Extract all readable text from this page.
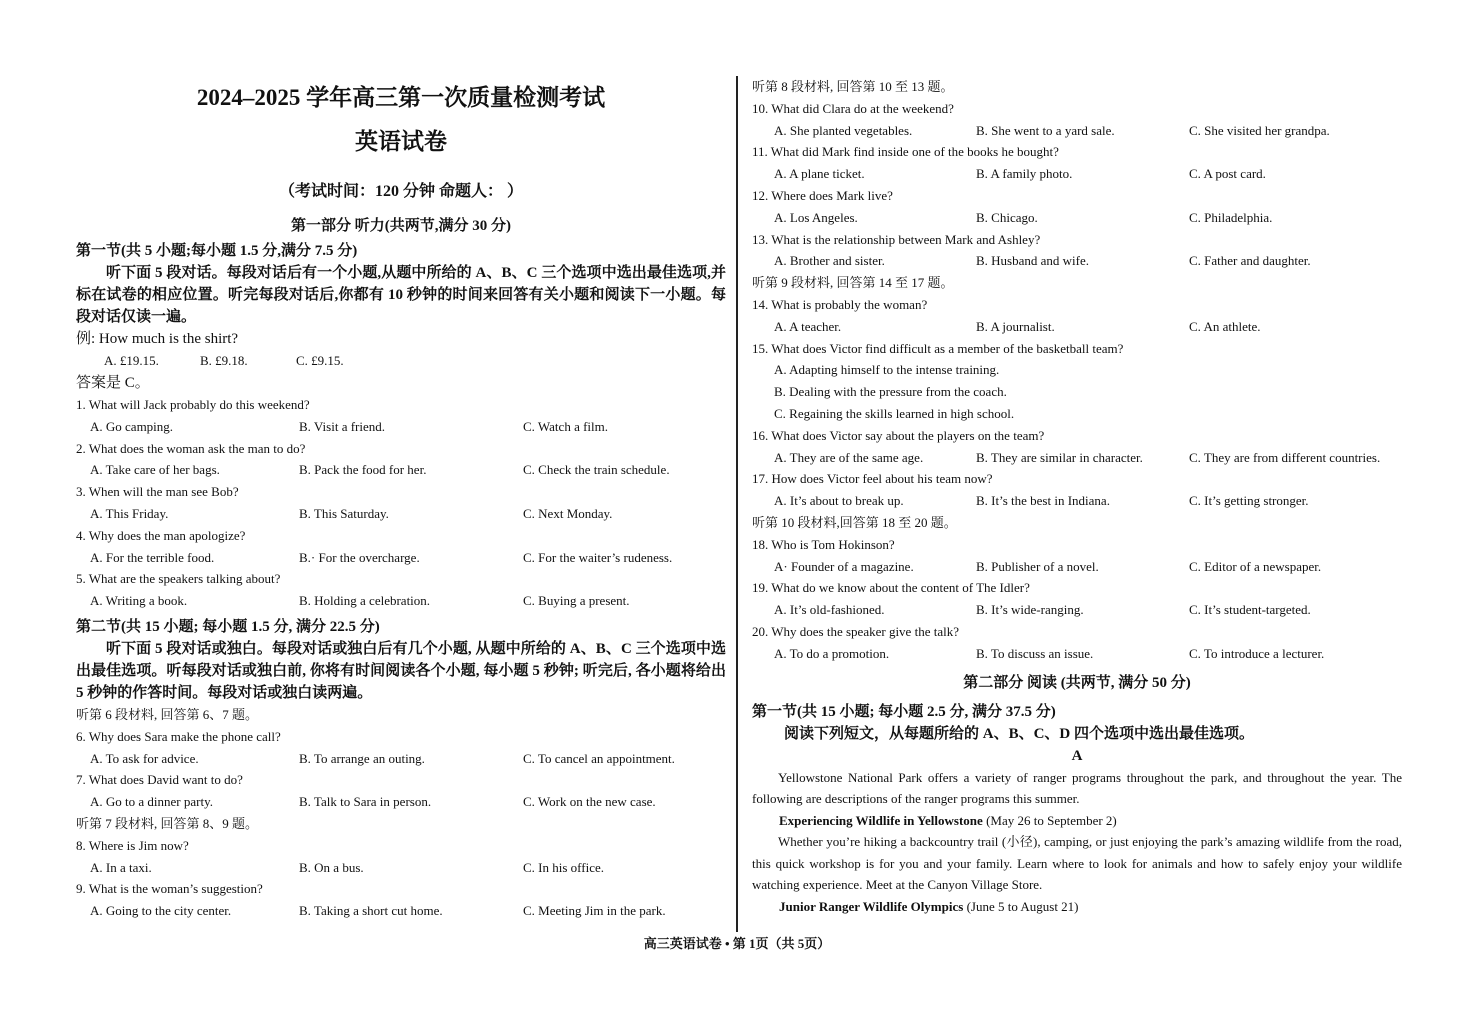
2024–2025 学年高三第一次质量检测考试
英语试卷
（考试时间：120 分钟 命题人： ）
第一部分 听力(共两节,满分 30 分)
第一节(共 5 小题;每小题 1.5 分,满分 7.5 分)
听下面 5 段对话。每段对话后有一个小题,从题中所给的 A、B、C 三个选项中选出最佳选项,并标在试卷的相应位置。听完每段对话后,你都有 10 秒钟的时间来回答有关小题和阅读下一小题。每段对话仅读一遍。
例: How much is the shirt?
A. £19.15.	B. £9.18.	C. £9.15.
答案是 C。
1. What will Jack probably do this weekend?
A. Go camping.	B. Visit a friend.	C. Watch a film.
2. What does the woman ask the man to do?
A. Take care of her bags.	B. Pack the food for her.	C. Check the train schedule.
3. When will the man see Bob?
A. This Friday.	B. This Saturday.	C. Next Monday.
4. Why does the man apologize?
A. For the terrible food.	B.· For the overcharge.	C. For the waiter’s rudeness.
5. What are the speakers talking about?
A. Writing a book.	B. Holding a celebration.	C. Buying a present.
第二节(共 15 小题; 每小题 1.5 分, 满分 22.5 分)
听下面 5 段对话或独白。每段对话或独白后有几个小题, 从题中所给的 A、B、C 三个选项中选出最佳选项。听每段对话或独白前, 你将有时间阅读各个小题, 每小题 5 秒钟; 听完后, 各小题将给出 5 秒钟的作答时间。每段对话或独白读两遍。
听第 6 段材料, 回答第 6、7 题。
6. Why does Sara make the phone call?
A. To ask for advice.	B. To arrange an outing.	C. To cancel an appointment.
7. What does David want to do?
A. Go to a dinner party.	B. Talk to Sara in person.	C. Work on the new case.
听第 7 段材料, 回答第 8、9 题。
8. Where is Jim now?
A. In a taxi.	B. On a bus.	C. In his office.
9. What is the woman’s suggestion?
A. Going to the city center.	B. Taking a short cut home.	C. Meeting Jim in the park.
听第 8 段材料, 回答第 10 至 13 题。
10. What did Clara do at the weekend?
A. She planted vegetables.	B. She went to a yard sale.	C. She visited her grandpa.
11. What did Mark find inside one of the books he bought?
A. A plane ticket.	B. A family photo.	C. A post card.
12. Where does Mark live?
A. Los Angeles.	B. Chicago.	C. Philadelphia.
13. What is the relationship between Mark and Ashley?
A. Brother and sister.	B. Husband and wife.	C. Father and daughter.
听第 9 段材料, 回答第 14 至 17 题。
14. What is probably the woman?
A. A teacher.	B. A journalist.	C. An athlete.
15. What does Victor find difficult as a member of the basketball team?
A. Adapting himself to the intense training.
B. Dealing with the pressure from the coach.
C. Regaining the skills learned in high school.
16. What does Victor say about the players on the team?
A. They are of the same age.	B. They are similar in character.	C. They are from different countries.
17. How does Victor feel about his team now?
A. It’s about to break up.	B. It’s the best in Indiana.	C. It’s getting stronger.
听第 10 段材料,回答第 18 至 20 题。
18. Who is Tom Hokinson?
A· Founder of a magazine.	B. Publisher of a novel.	C. Editor of a newspaper.
19. What do we know about the content of The Idler?
A. It’s old-fashioned.	B. It’s wide-ranging.	C. It’s student-targeted.
20. Why does the speaker give the talk?
A. To do a promotion.	B. To discuss an issue.	C. To introduce a lecturer.
第二部分 阅读 (共两节, 满分 50 分)
第一节(共 15 小题; 每小题 2.5 分, 满分 37.5 分)
阅读下列短文，从每题所给的 A、B、C、D 四个选项中选出最佳选项。
A
Yellowstone National Park offers a variety of ranger programs throughout the park, and throughout the year. The following are descriptions of the ranger programs this summer.
Experiencing Wildlife in Yellowstone (May 26 to September 2)
Whether you’re hiking a backcountry trail (小径), camping, or just enjoying the park’s amazing wildlife from the road, this quick workshop is for you and your family. Learn where to look for animals and how to safely enjoy your wildlife watching experience. Meet at the Canyon Village Store.
Junior Ranger Wildlife Olympics (June 5 to August 21)
高三英语试卷 • 第 1页（共 5页）
